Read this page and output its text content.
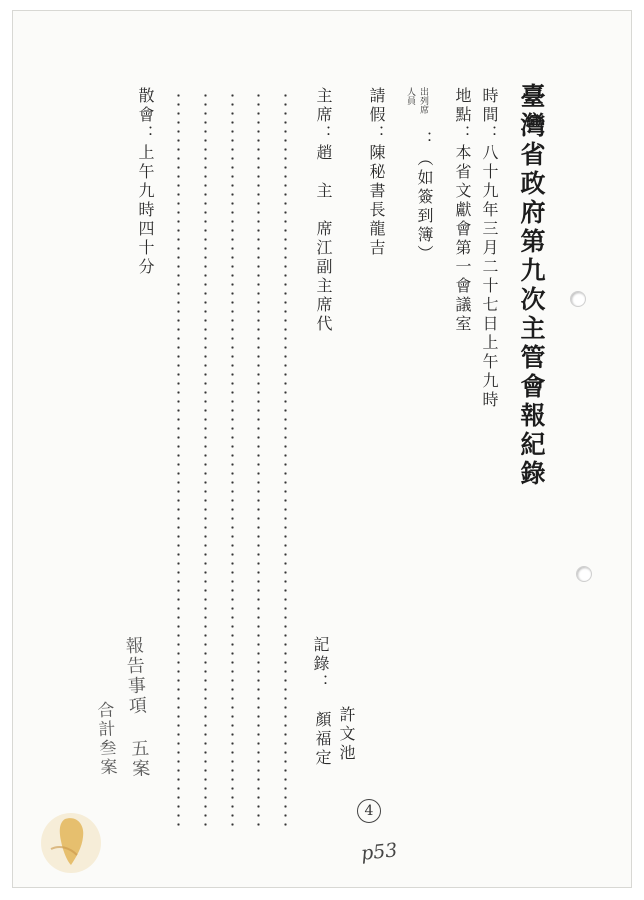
臺灣省政府第九次主管會報紀錄
時間：八十九年三月二十七日上午九時
地點：本省文獻會第一會議室
出列席
人員
：（如簽到簿）
請假：陳秘書長龍吉
主席：趙　主　席江副主席代
散會：上午九時四十分
記錄：
許文池
顏福定
報告事項 五案
合計叁案
4
p53
